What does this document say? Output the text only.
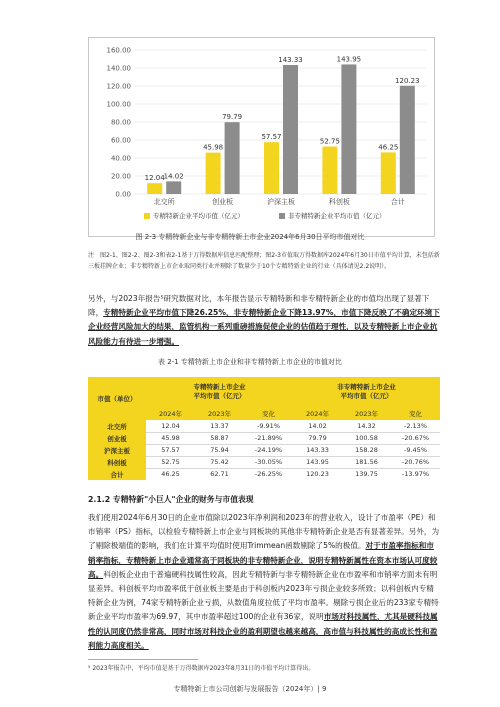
0.00
20.00
40.00
60.00
80.00
100.00
120.00
140.00
160.00
12.04
14.02
北交所
45.98
79.79
创业板
57.57
143.33
沪深主板
52.75
143.95
科创板
46.25
120.23
合计
专精特新企业平均市值（亿元）	非专精特新企业平均市值（亿元）
图 2-3 专精特新企业与非专精特新上市企业2024年6月30日平均市值对比
注　图2-1、图2-2、图2-3和表2-1基于万得数据库信息匹配整理；图2-3市值取万得数据库2024年6月30日市值平均计算，未包括新三板挂牌企业；非专精特新上市企业取同类行业并剔除了数量少于10个专精特新企业的行业（具体请见2.2说明）。
另外，与2023年报告⁵研究数据对比，本年报告显示专精特新和非专精特新企业的市值均出现了显著下降，专精特新企业平均市值下降26.25%，非专精特新企业下降13.97%，市值下降反映了不确定环境下企业经营风险加大的结果，监管机构一系列重磅措施促使企业的估值趋于理性，以及专精特新上市企业抗风险能力有待进一步增强。
表 2-1 专精特新上市企业和非专精特新上市企业的市值对比
市值（单位）
专精特新上市企业
平均市值（亿元）
非专精特新上市企业
平均市值（亿元）
2024年	2023年	变化	2024年	2023年	变化
北交所	12.04	13.37	-9.91%	14.02	14.32	-2.13%
创业板	45.98	58.87	-21.89%	79.79	100.58	-20.67%
沪深主板	57.57	75.94	-24.19%	143.33	158.28	-9.45%
科创板	52.75	75.42	-30.05%	143.95	181.56	-20.76%
合计	46.25	62.71	-26.25%	120.23	139.75	-13.97%
2.1.2 专精特新"小巨人"企业的财务与市值表现
我们使用2024年6月30日的企业市值除以2023年净利润和2023年的营业收入，设计了市盈率（PE）和市销率（PS）指标，以检验专精特新上市企业与同板块的其他非专精特新企业是否有显著差异。另外，为了剔除极端值的影响，我们在计算平均值时使用Trimmean函数剔除了5%的极值。对于市盈率指标和市销率指标，专精特新上市企业通常高于同板块的非专精特新企业，说明专精特新属性在资本市场认可度较高。科创板企业由于普遍硬科技属性较高，因此专精特新与非专精特新企业在市盈率和市销率方面未有明显差异。科创板平均市盈率低于创业板主要是由于科创板内2023年亏损企业较多所致；以科创板内专精特新企业为例，74家专精特新企业亏损，从数值角度拉低了平均市盈率。剔除亏损企业后的233家专精特新企业平均市盈率为69.97，其中市盈率超过100的企业有36家，说明市场对科技属性，尤其是硬科技属性的认同度仍然非常高，同时市场对科技企业的盈利期望也越来越高，高市值与科技属性的高成长性和盈利能力高度相关。
⁵ 2023年报告中，平均市值是基于万得数据库2023年8月31日的市值平均计算得出。
专精特新上市公司创新与发展报告（2024年）| 9
